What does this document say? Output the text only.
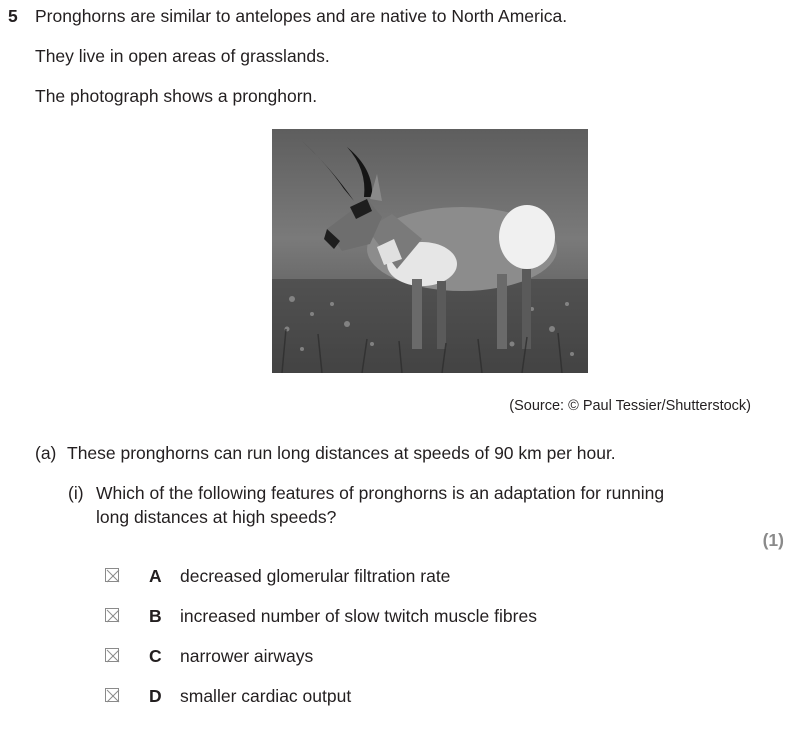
5 Pronghorns are similar to antelopes and are native to North America.
They live in open areas of grasslands.
The photograph shows a pronghorn.
(Source: © Paul Tessier/Shutterstock)
(a) These pronghorns can run long distances at speeds of 90 km per hour.
(i) Which of the following features of pronghorns is an adaptation for running
long distances at high speeds?
(1)
A decreased glomerular filtration rate
B increased number of slow twitch muscle fibres
C narrower airways
D smaller cardiac output
